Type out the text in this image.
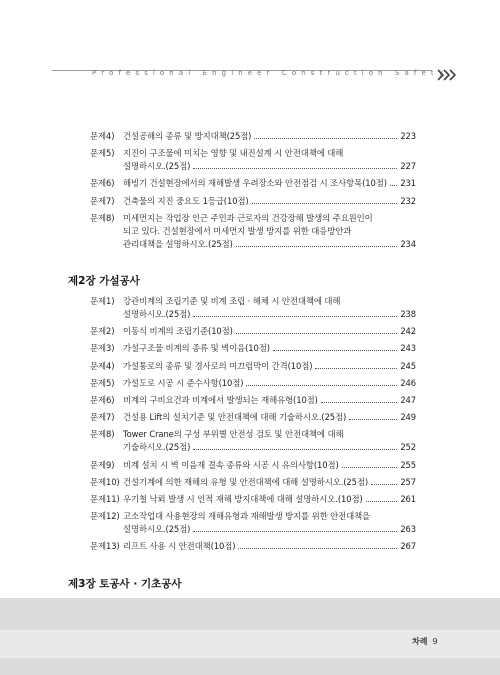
Professional Engineer Construction Safety
문제4) 건설공해의 종류 및 방지대책(25점)	223
문제5) 지진이 구조물에 미치는 영향 및 내진설계 시 안전대책에 대해
설명하시오.(25점)	227
문제6) 해빙기 건설현장에서의 재해발생 우려장소와 안전점검 시 조사항목(10점) 231
문제7) 건축물의 지진 중요도 1등급(10점)	232
문제8) 미세먼지는 작업장 인근 주민과 근로자의 건강장해 발생의 주요원인이
되고 있다. 건설현장에서 미세먼지 발생 방지를 위한 대응방안과
관리대책을 설명하시오.(25점)	234
제2장 가설공사
문제1) 강관비계의 조립기준 및 비계 조립 · 해체 시 안전대책에 대해
설명하시오.(25점)	238
문제2) 이동식 비계의 조립기준(10점)	242
문제3) 가설구조물 비계의 종류 및 벽이음(10점)	243
문제4) 가설통로의 종류 및 경사로의 미끄럼막이 간격(10점)	245
문제5) 가설도로 시공 시 준수사항(10점)	246
문제6) 비계의 구비요건과 비계에서 발생되는 재해유형(10점)	247
문제7) 건설용 Lift의 설치기준 및 안전대책에 대해 기술하시오.(25점)	249
문제8) Tower Crane의 구성 부위별 안전성 검토 및 안전대책에 대해
기술하시오.(25점)	252
문제9) 비계 설치 시 벽 이음재 결속 종류와 시공 시 유의사항(10점)	255
문제10) 건설기계에 의한 재해의 유형 및 안전대책에 대해 설명하시오.(25점)	257
문제11) 우기철 낙뢰 발생 시 인적 재해 방지대책에 대해 설명하시오.(10점)	261
문제12) 고소작업대 사용현장의 재해유형과 재해발생 방지를 위한 안전대책을
설명하시오.(25점)	263
문제13) 리프트 사용 시 안전대책(10점)	267
제3장 토공사 · 기초공사
차례 9
